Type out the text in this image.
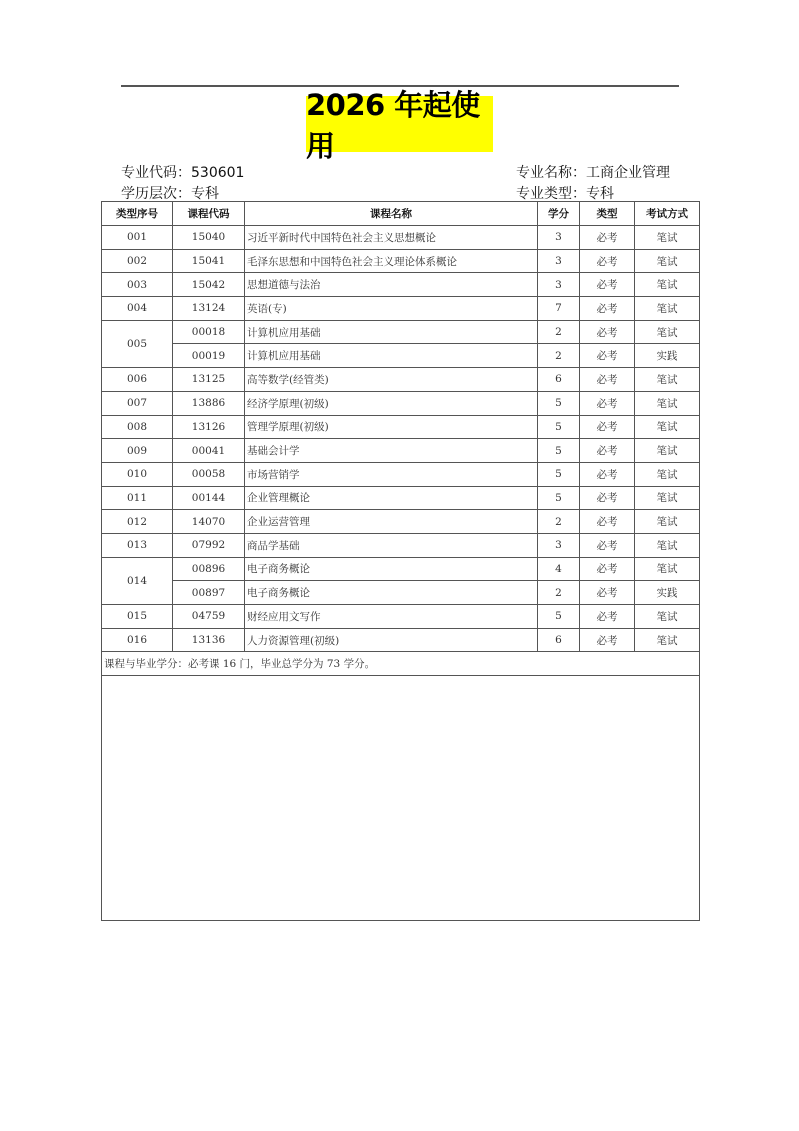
2026 年起使用
专业代码：530601	专业名称：工商企业管理
学历层次：专科	专业类型：专科
类型序号	课程代码	课程名称	学分	类型	考试方式
001	15040	习近平新时代中国特色社会主义思想概论	3	必考	笔试
002	15041	毛泽东思想和中国特色社会主义理论体系概论	3	必考	笔试
003	15042	思想道德与法治	3	必考	笔试
004	13124	英语(专)	7	必考	笔试
005	00018	计算机应用基础	2	必考	笔试
	00019	计算机应用基础	2	必考	实践
006	13125	高等数学(经管类)	6	必考	笔试
007	13886	经济学原理(初级)	5	必考	笔试
008	13126	管理学原理(初级)	5	必考	笔试
009	00041	基础会计学	5	必考	笔试
010	00058	市场营销学	5	必考	笔试
011	00144	企业管理概论	5	必考	笔试
012	14070	企业运营管理	2	必考	笔试
013	07992	商品学基础	3	必考	笔试
014	00896	电子商务概论	4	必考	笔试
	00897	电子商务概论	2	必考	实践
015	04759	财经应用文写作	5	必考	笔试
016	13136	人力资源管理(初级)	6	必考	笔试
课程与毕业学分：必考课 16 门，毕业总学分为 73 学分。					
